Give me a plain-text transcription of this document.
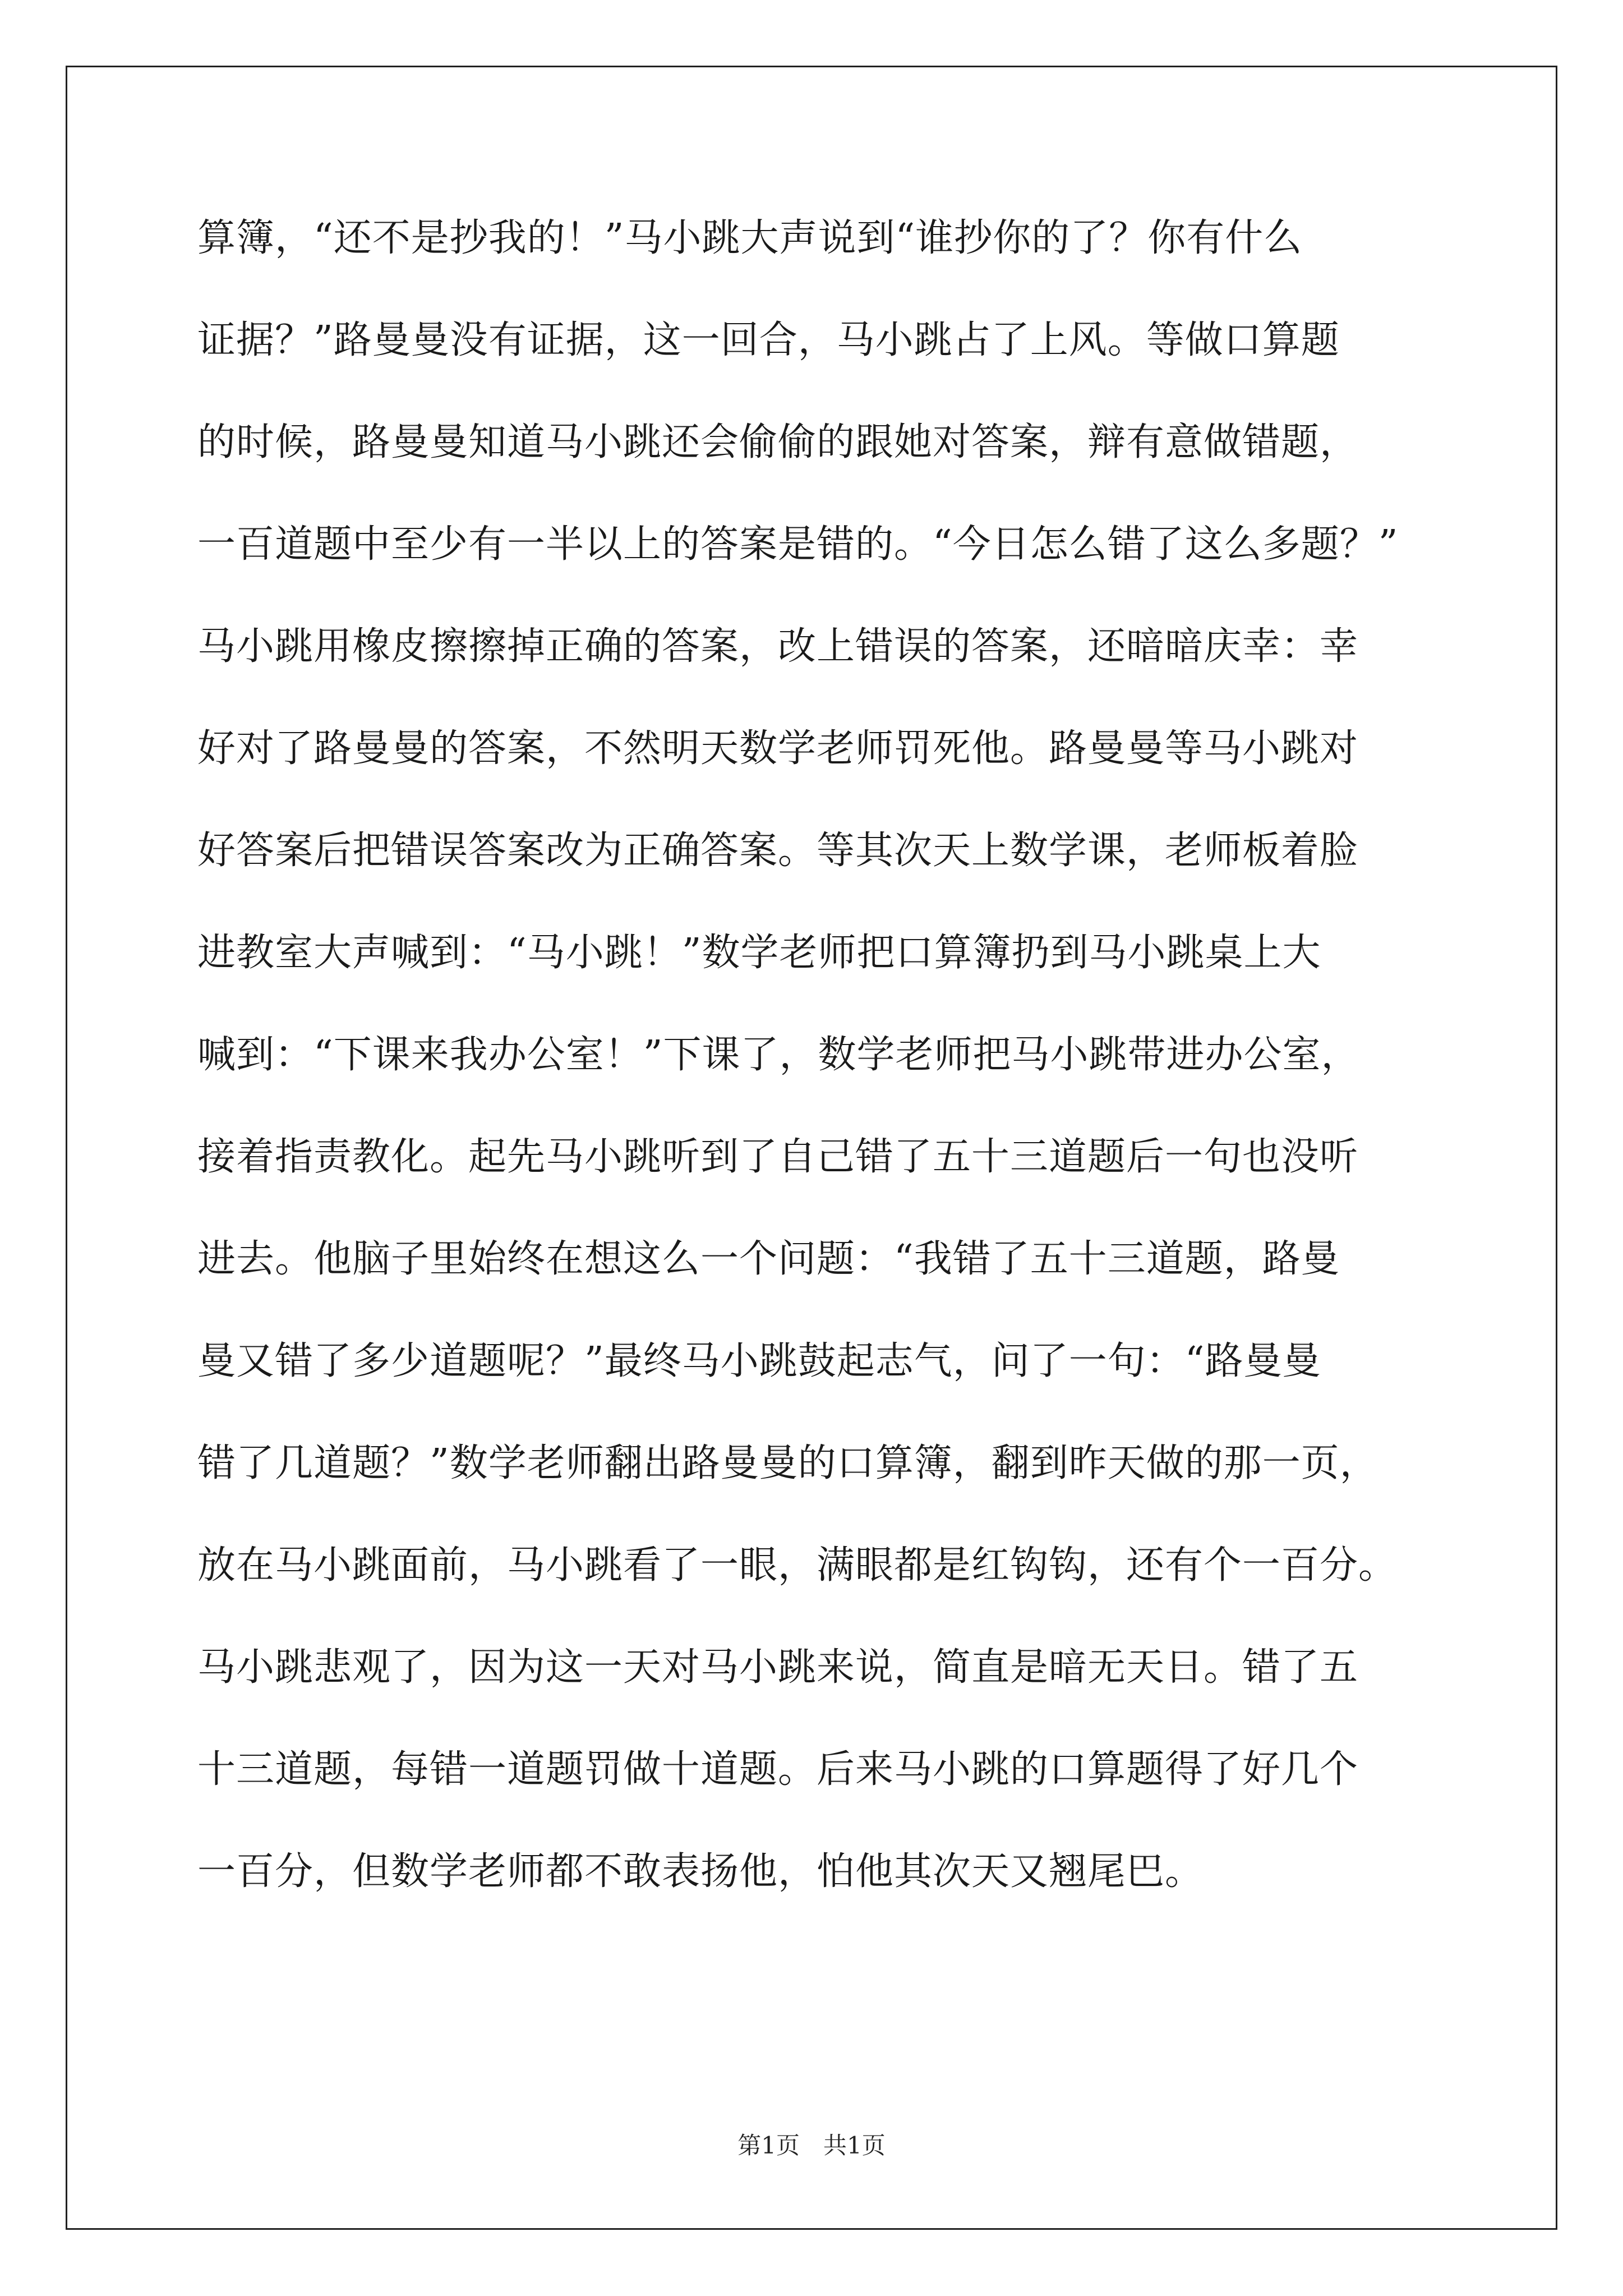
算簿，“还不是抄我的！”马小跳大声说到“谁抄你的了？你有什么
证据？”路曼曼没有证据，这一回合，马小跳占了上风。等做口算题
的时候，路曼曼知道马小跳还会偷偷的跟她对答案，辩有意做错题，
一百道题中至少有一半以上的答案是错的。“今日怎么错了这么多题？”
马小跳用橡皮擦擦掉正确的答案，改上错误的答案，还暗暗庆幸：幸
好对了路曼曼的答案，不然明天数学老师罚死他。路曼曼等马小跳对
好答案后把错误答案改为正确答案。等其次天上数学课，老师板着脸
进教室大声喊到：“马小跳！”数学老师把口算簿扔到马小跳桌上大
喊到：“下课来我办公室！”下课了，数学老师把马小跳带进办公室，
接着指责教化。起先马小跳听到了自己错了五十三道题后一句也没听
进去。他脑子里始终在想这么一个问题：“我错了五十三道题，路曼
曼又错了多少道题呢？”最终马小跳鼓起志气，问了一句：“路曼曼
错了几道题？”数学老师翻出路曼曼的口算簿，翻到昨天做的那一页，
放在马小跳面前，马小跳看了一眼，满眼都是红钩钩，还有个一百分。
马小跳悲观了，因为这一天对马小跳来说，简直是暗无天日。错了五
十三道题，每错一道题罚做十道题。后来马小跳的口算题得了好几个
一百分，但数学老师都不敢表扬他，怕他其次天又翘尾巴。
第1页　共1页
